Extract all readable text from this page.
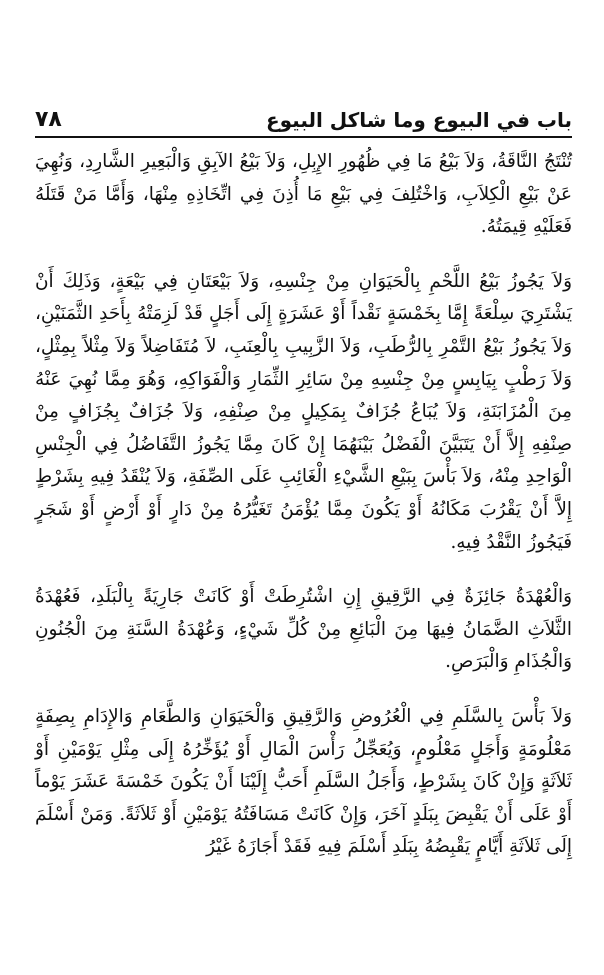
باب في البيوع وما شاكل البيوع
٧٨

تُنْتَجُ النَّاقَةُ، وَلاَ بَيْعُ مَا فِي ظُهُورِ الإِبِلِ، وَلاَ بَيْعُ الآبِقِ وَالْبَعِيرِ الشَّارِدِ، وَنُهِيَ عَنْ بَيْعِ الْكِلاَبِ، وَاخْتُلِفَ فِي بَيْعِ مَا أُذِنَ فِي اتِّخَاذِهِ مِنْهَا، وَأَمَّا مَنْ قَتَلَهُ فَعَلَيْهِ قِيمَتُهُ.

وَلاَ يَجُوزُ بَيْعُ اللَّحْمِ بِالْحَيَوَانِ مِنْ جِنْسِهِ، وَلاَ بَيْعَتَانِ فِي بَيْعَةٍ، وَذَلِكَ أَنْ يَشْتَرِيَ سِلْعَةً إِمَّا بِخَمْسَةٍ نَقْداً أَوْ عَشَرَةٍ إِلَى أَجَلٍ قَدْ لَزِمَتْهُ بِأَحَدِ الثَّمَنَيْنِ، وَلاَ يَجُوزُ بَيْعُ التَّمْرِ بِالرُّطَبِ، وَلاَ الزَّبِيبِ بِالْعِنَبِ، لاَ مُتَفَاضِلاً وَلاَ مِثْلاً بِمِثْلٍ، وَلاَ رَطْبٍ بِيَابِسٍ مِنْ جِنْسِهِ مِنْ سَائِرِ الثِّمَارِ وَالْفَوَاكِهِ، وَهُوَ مِمَّا نُهِيَ عَنْهُ مِنَ الْمُزَابَنَةِ، وَلاَ يُبَاعُ جُزَافٌ بِمَكِيلٍ مِنْ صِنْفِهِ، وَلاَ جُزَافٌ بِجُزَافٍ مِنْ صِنْفِهِ إِلاَّ أَنْ يَتَبَيَّنَ الْفَضْلُ بَيْنَهُمَا إِنْ كَانَ مِمَّا يَجُوزُ التَّفَاضُلُ فِي الْجِنْسِ الْوَاحِدِ مِنْهُ، وَلاَ بَأْسَ بِبَيْعِ الشَّيْءِ الْغَائِبِ عَلَى الصِّفَةِ، وَلاَ يُنْقَدُ فِيهِ بِشَرْطٍ إِلاَّ أَنْ يَقْرُبَ مَكَانُهُ أَوْ يَكُونَ مِمَّا يُؤْمَنُ تَغَيُّرُهُ مِنْ دَارٍ أَوْ أَرْضٍ أَوْ شَجَرٍ فَيَجُوزُ النَّقْدُ فِيهِ.

وَالْعُهْدَةُ جَائِزَةٌ فِي الرَّقِيقِ إِنِ اشْتُرِطَتْ أَوْ كَانَتْ جَارِيَةً بِالْبَلَدِ، فَعُهْدَةُ الثَّلاَثِ الضَّمَانُ فِيهَا مِنَ الْبَائِعِ مِنْ كُلِّ شَيْءٍ، وَعُهْدَةُ السَّنَةِ مِنَ الْجُنُونِ وَالْجُذَامِ وَالْبَرَصِ.

وَلاَ بَأْسَ بِالسَّلَمِ فِي الْعُرُوضِ وَالرَّقِيقِ وَالْحَيَوَانِ وَالطَّعَامِ وَالإِدَامِ بِصِفَةٍ مَعْلُومَةٍ وَأَجَلٍ مَعْلُومٍ، وَيُعَجِّلُ رَأْسَ الْمَالِ أَوْ يُؤَخِّرُهُ إِلَى مِثْلِ يَوْمَيْنِ أَوْ ثَلاَثَةٍ وَإِنْ كَانَ بِشَرْطٍ، وَأَجَلُ السَّلَمِ أَحَبُّ إِلَيْنَا أَنْ يَكُونَ خَمْسَةَ عَشَرَ يَوْماً أَوْ عَلَى أَنْ يَقْبِضَ بِبَلَدٍ آخَرَ، وَإِنْ كَانَتْ مَسَافَتُهُ يَوْمَيْنِ أَوْ ثَلاَثَةً. وَمَنْ أَسْلَمَ إِلَى ثَلاَثَةِ أَيَّامٍ يَقْبِضُهُ بِبَلَدِ أَسْلَمَ فِيهِ فَقَدْ أَجَازَهُ غَيْرُ
